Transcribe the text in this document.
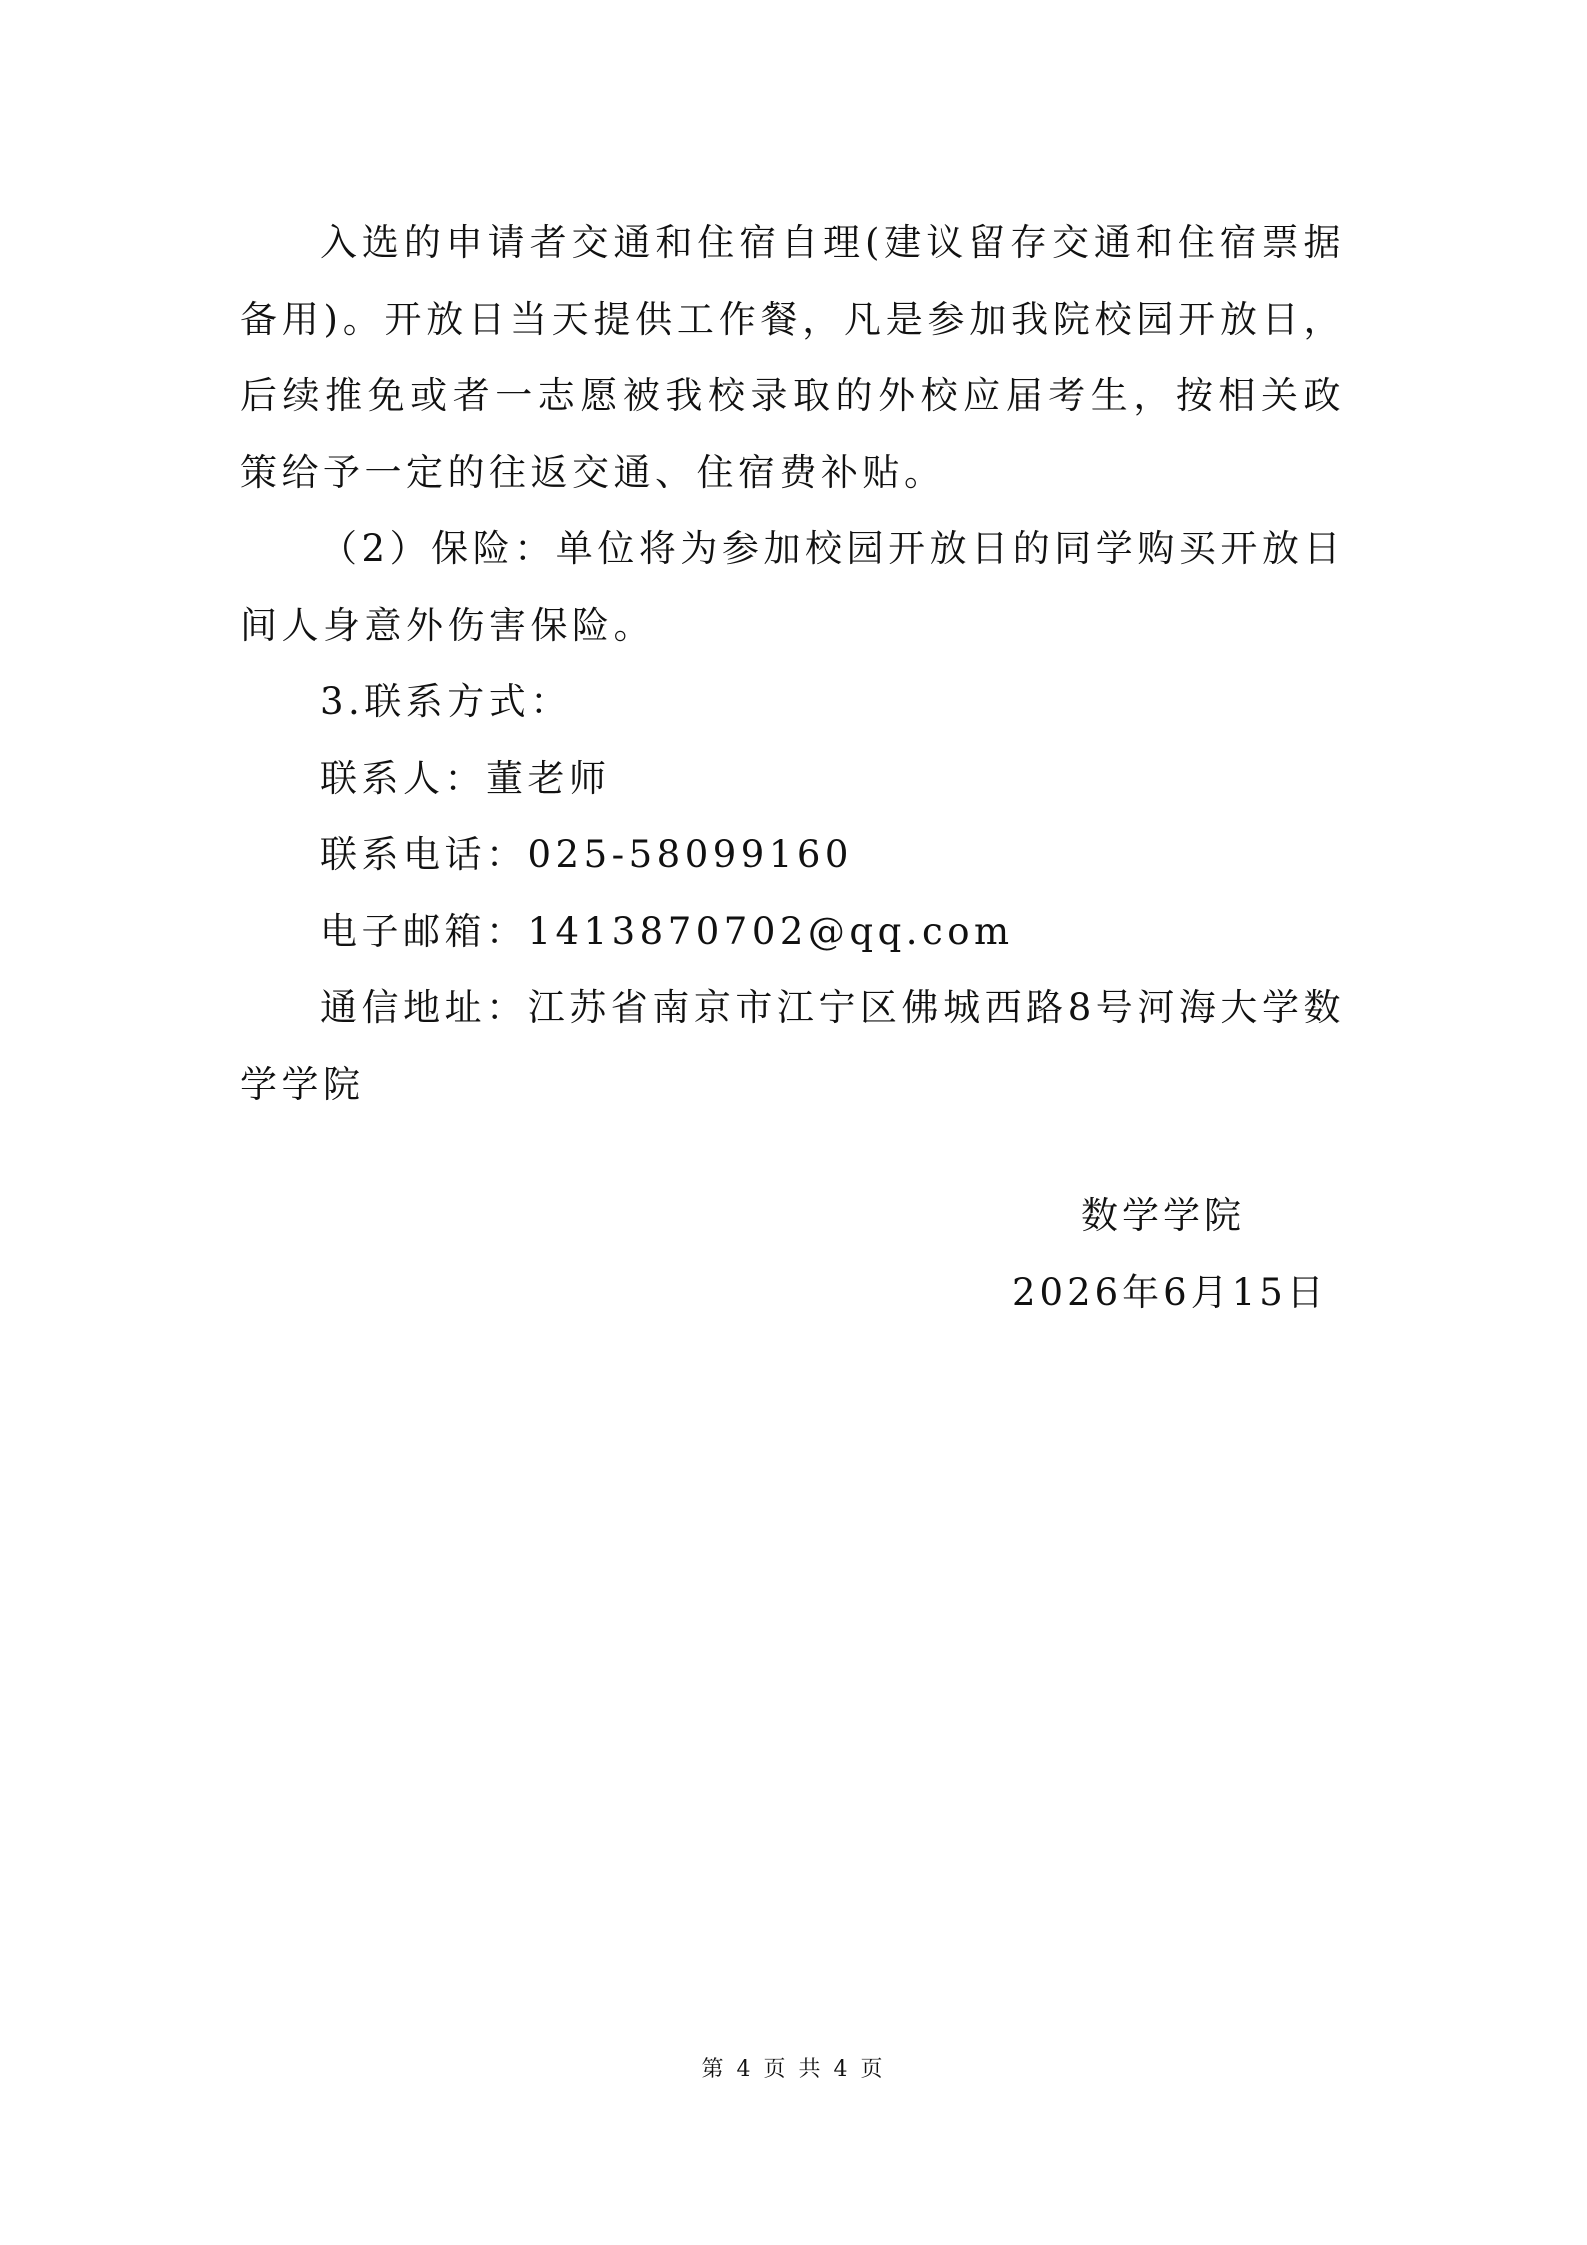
入选的申请者交通和住宿自理(建议留存交通和住宿票据备用)。开放日当天提供工作餐，凡是参加我院校园开放日，后续推免或者一志愿被我校录取的外校应届考生，按相关政策给予一定的往返交通、住宿费补贴。

（2）保险：单位将为参加校园开放日的同学购买开放日间人身意外伤害保险。

3.联系方式：

联系人：董老师

联系电话：025-58099160

电子邮箱：1413870702@qq.com

通信地址：江苏省南京市江宁区佛城西路8号河海大学数学学院

数学学院
2026年6月15日
第 4 页 共 4 页
